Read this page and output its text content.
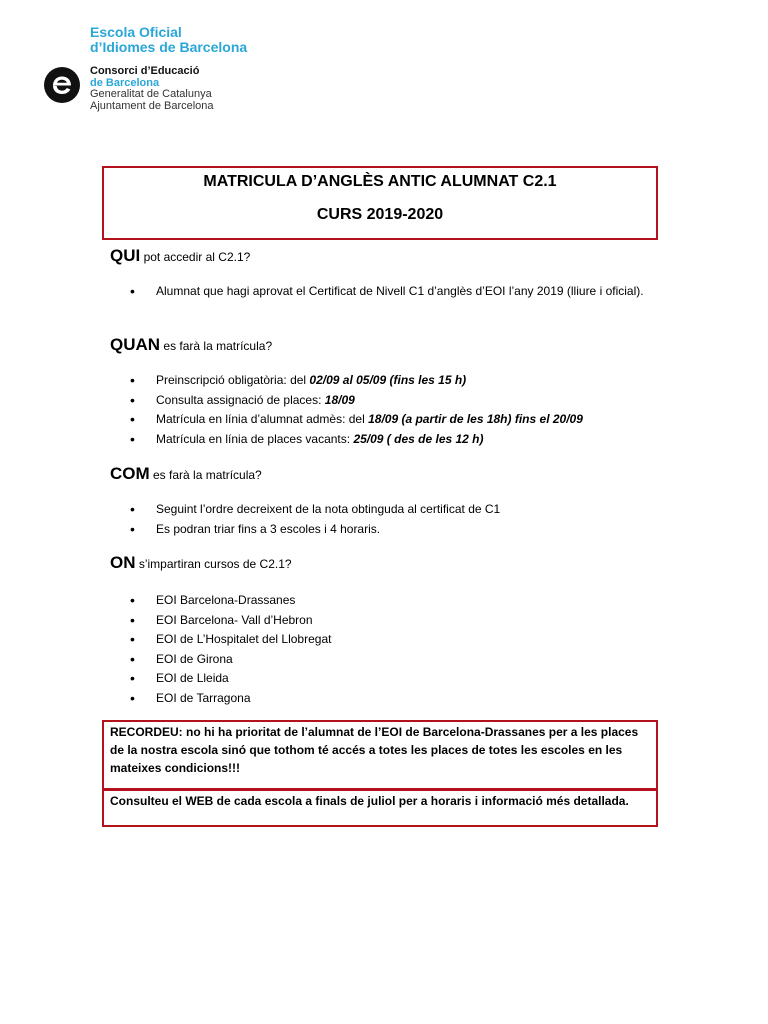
Escola Oficial
d’Idiomes de Barcelona
Consorci d’Educació
de Barcelona
Generalitat de Catalunya
Ajuntament de Barcelona
MATRICULA D’ANGLÈS ANTIC ALUMNAT C2.1
CURS 2019-2020
QUI pot accedir al C2.1?
• Alumnat que hagi aprovat el Certificat de Nivell C1 d’anglès d’EOI l’any 2019 (lliure i oficial).
QUAN es farà la matrícula?
• Preinscripció obligatòria: del 02/09 al 05/09 (fins les 15 h)
• Consulta assignació de places: 18/09
• Matrícula en línia d’alumnat admès: del 18/09 (a partir de les 18h) fins el 20/09
• Matrícula en línia de places vacants: 25/09 ( des de les 12 h)
COM es farà la matrícula?
• Seguint l’ordre decreixent de la nota obtinguda al certificat de C1
• Es podran triar fins a 3 escoles i 4 horaris.
ON s’impartiran cursos de C2.1?
• EOI Barcelona-Drassanes
• EOI Barcelona- Vall d’Hebron
• EOI de L’Hospitalet del Llobregat
• EOI de Girona
• EOI de Lleida
• EOI de Tarragona
RECORDEU: no hi ha prioritat de l’alumnat de l’EOI de Barcelona-Drassanes per a les places de la nostra escola sinó que tothom té accés a totes les places de totes les escoles en les mateixes condicions!!!
Consulteu el WEB de cada escola a finals de juliol per a horaris i informació més detallada.
